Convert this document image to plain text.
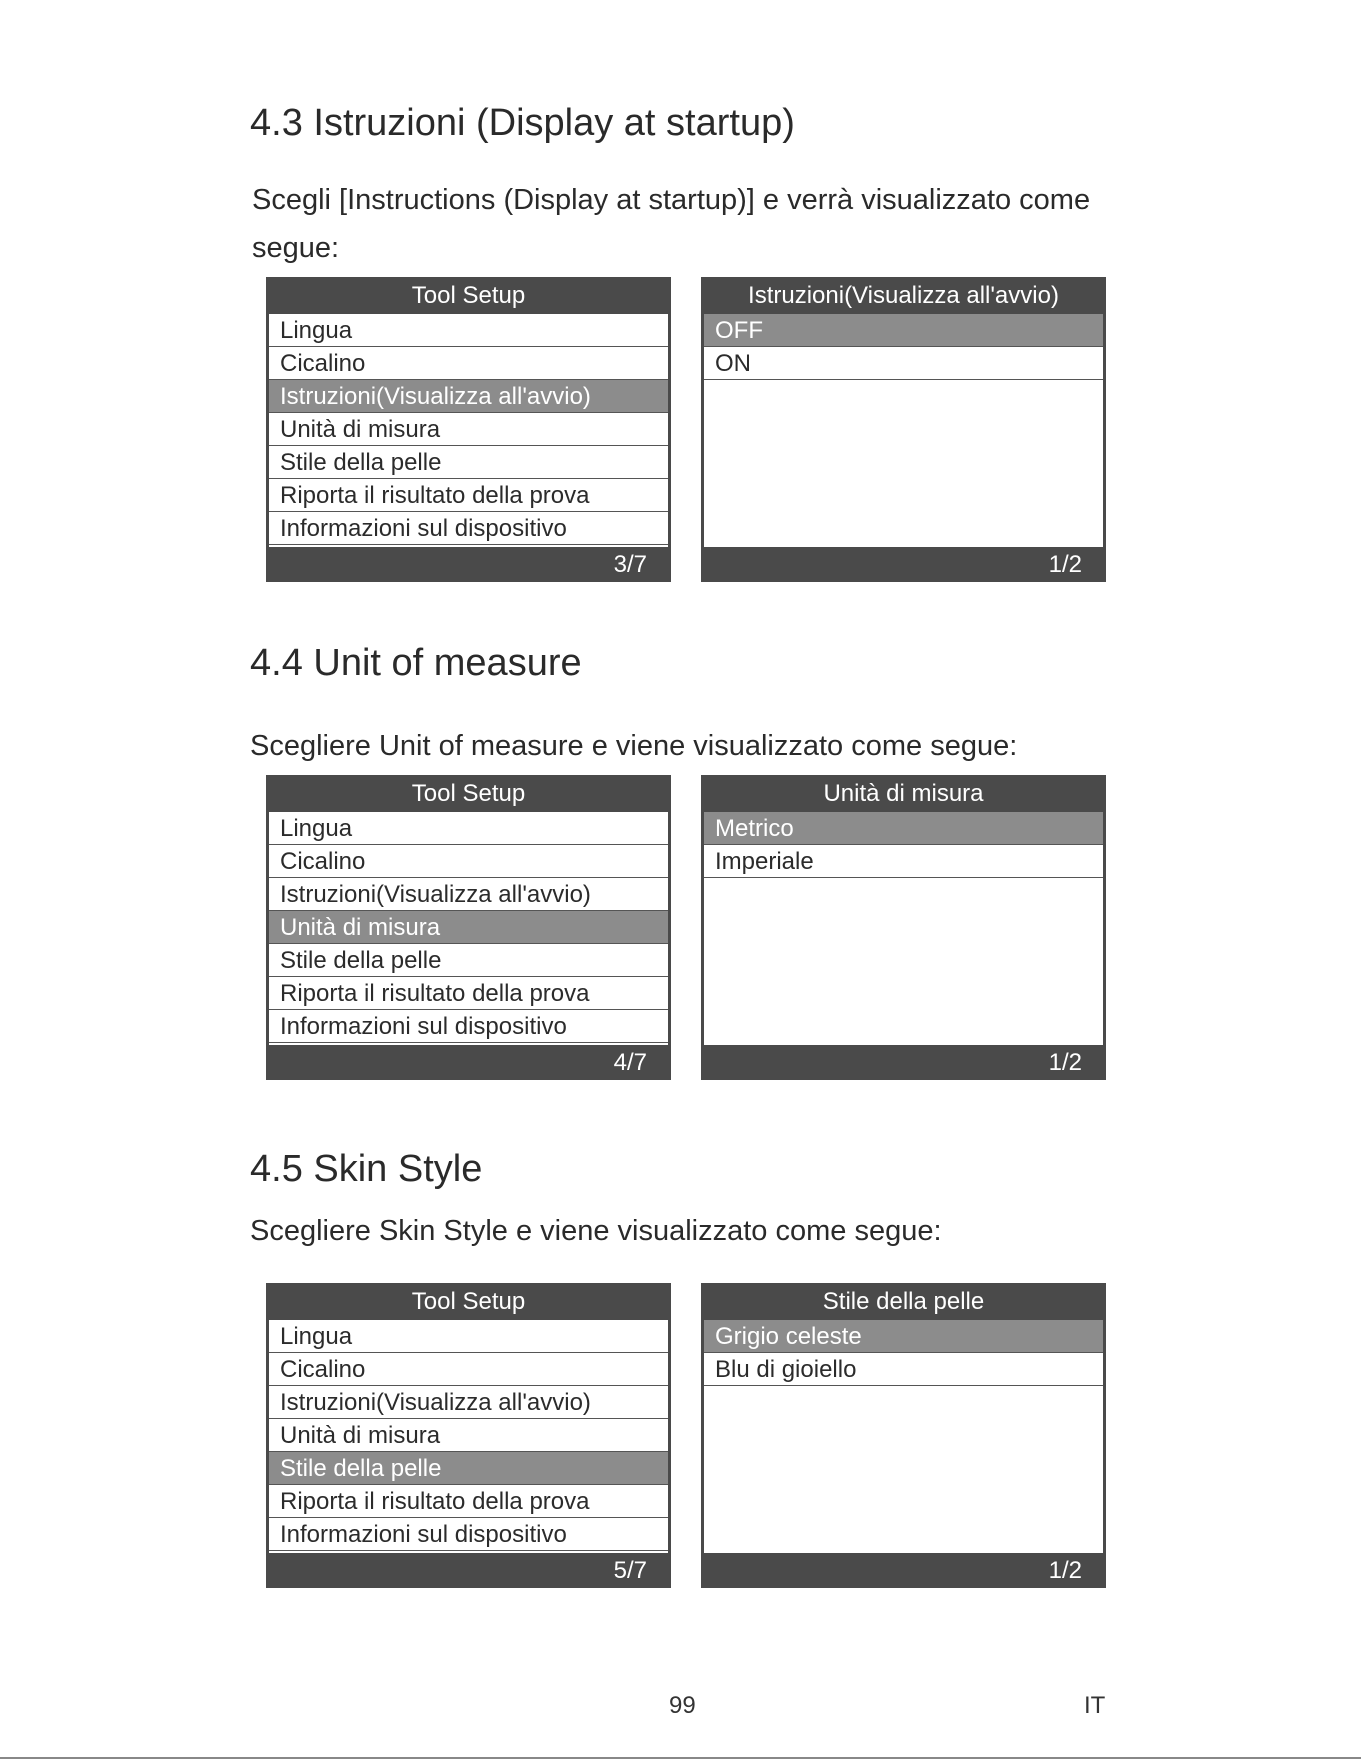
4.3 Istruzioni (Display at startup)
Scegli [Instructions (Display at startup)] e verrà visualizzato come
segue:
Tool Setup
Lingua
Cicalino
Istruzioni(Visualizza all'avvio)
Unità di misura
Stile della pelle
Riporta il risultato della prova
Informazioni sul dispositivo
3/7
Istruzioni(Visualizza all'avvio)
OFF
ON
1/2
4.4 Unit of measure
Scegliere Unit of measure e viene visualizzato come segue:
Tool Setup
Lingua
Cicalino
Istruzioni(Visualizza all'avvio)
Unità di misura
Stile della pelle
Riporta il risultato della prova
Informazioni sul dispositivo
4/7
Unità di misura
Metrico
Imperiale
1/2
4.5 Skin Style
Scegliere Skin Style e viene visualizzato come segue:
Tool Setup
Lingua
Cicalino
Istruzioni(Visualizza all'avvio)
Unità di misura
Stile della pelle
Riporta il risultato della prova
Informazioni sul dispositivo
5/7
Stile della pelle
Grigio celeste
Blu di gioiello
1/2
99	IT
